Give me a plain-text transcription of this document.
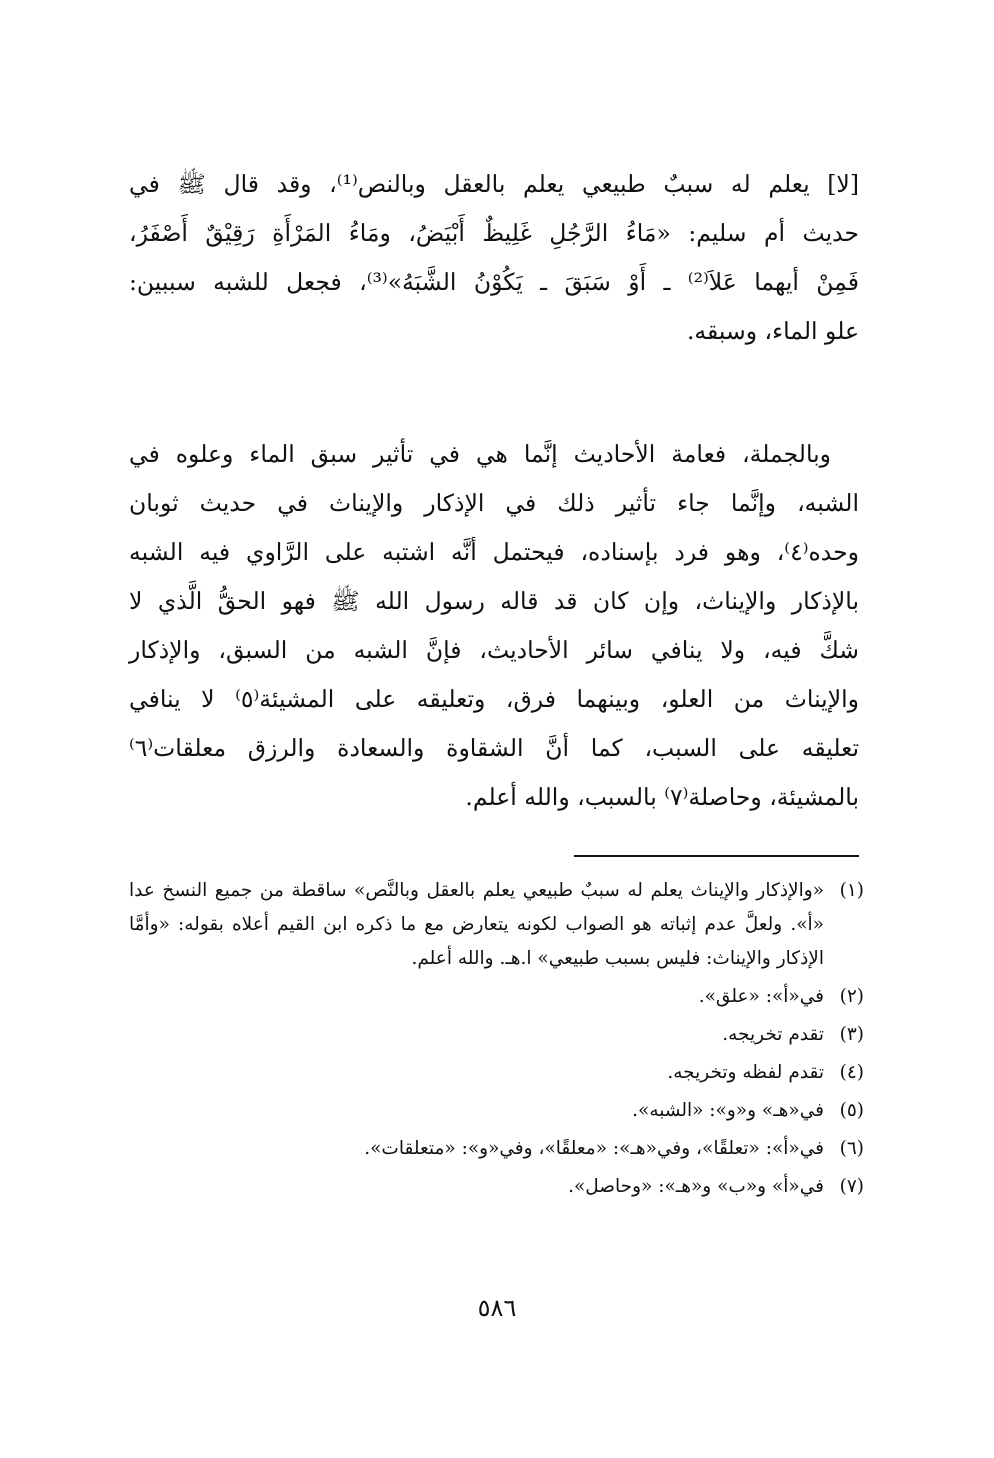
[لا] يعلم له سببٌ طبيعي يعلم بالعقل وبالنص⁽¹⁾، وقد قال ﷺ في
حديث أم سليم: «مَاءُ الرَّجُلِ غَلِيظٌ أَبْيَضُ، ومَاءُ المَرْأَةِ رَقِيْقٌ أَصْفَرُ،
فَمِنْ أيهما عَلاَ⁽²⁾ ـ أَوْ سَبَقَ ـ يَكُوْنُ الشَّبَهُ»⁽³⁾، فجعل للشبه سببين:
علو الماء، وسبقه.
وبالجملة، فعامة الأحاديث إنَّما هي في تأثير سبق الماء وعلوه في
الشبه، وإنَّما جاء تأثير ذلك في الإذكار والإيناث في حديث ثوبان
وحده⁽٤⁾، وهو فرد بإسناده، فيحتمل أنَّه اشتبه على الرَّاوي فيه الشبه
بالإذكار والإيناث، وإن كان قد قاله رسول الله ﷺ فهو الحقُّ الَّذي لا
شكَّ فيه، ولا ينافي سائر الأحاديث، فإنَّ الشبه من السبق، والإذكار
والإيناث من العلو، وبينهما فرق، وتعليقه على المشيئة⁽٥⁾ لا ينافي
تعليقه على السبب، كما أنَّ الشقاوة والسعادة والرزق معلقات⁽٦⁾
بالمشيئة، وحاصلة⁽٧⁾ بالسبب، والله أعلم.
(١)
«والإذكار والإيناث يعلم له سببٌ طبيعي يعلم بالعقل وبالنَّص» ساقطة من جميع النسخ عدا «أ». ولعلَّ عدم إثباته هو الصواب لكونه يتعارض مع ما ذكره ابن القيم أعلاه بقوله: «وأمَّا الإذكار والإيناث: فليس بسبب طبيعي» ا.هـ. والله أعلم.
(٢)
في«أ»: «علق».
(٣)
تقدم تخريجه.
(٤)
تقدم لفظه وتخريجه.
(٥)
في«هـ» و«و»: «الشبه».
(٦)
في«أ»: «تعلقًا»، وفي«هـ»: «معلقًا»، وفي«و»: «متعلقات».
(٧)
في«أ» و«ب» و«هـ»: «وحاصل».
٥٨٦
